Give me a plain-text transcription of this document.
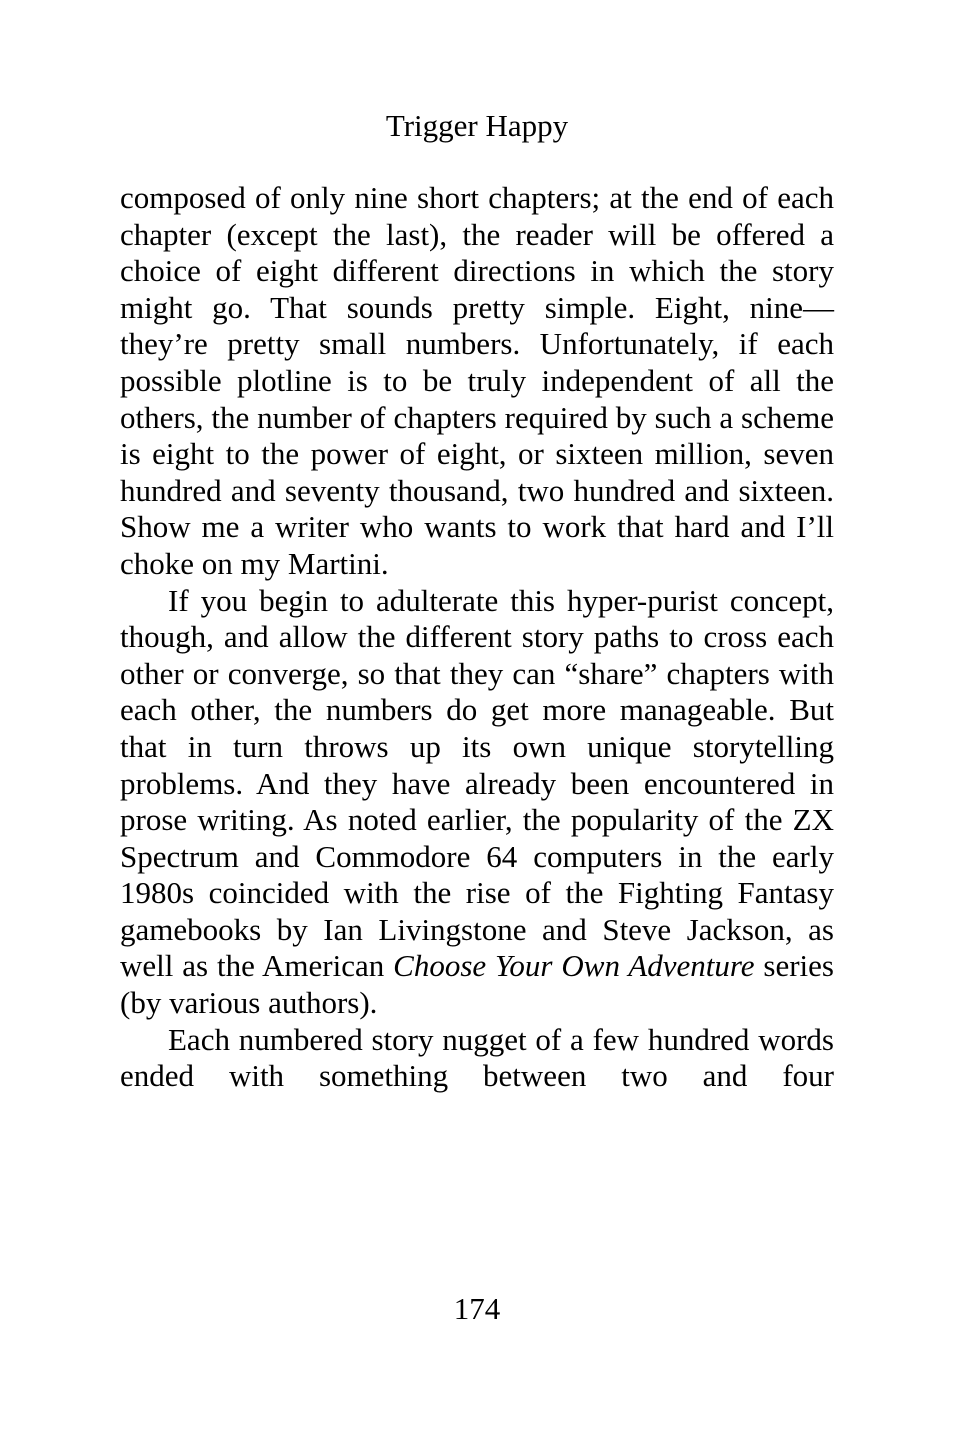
Trigger Happy

composed of only nine short chapters; at the end of each chapter (except the last), the reader will be offered a choice of eight different directions in which the story might go. That sounds pretty simple. Eight, nine—they’re pretty small numbers. Unfortunately, if each possible plotline is to be truly independent of all the others, the number of chapters required by such a scheme is eight to the power of eight, or sixteen million, seven hundred and seventy thousand, two hundred and sixteen. Show me a writer who wants to work that hard and I’ll choke on my Martini.

If you begin to adulterate this hyper-purist concept, though, and allow the different story paths to cross each other or converge, so that they can “share” chapters with each other, the numbers do get more manageable. But that in turn throws up its own unique storytelling problems. And they have already been encountered in prose writing. As noted earlier, the popularity of the ZX Spectrum and Commodore 64 computers in the early 1980s coincided with the rise of the Fighting Fantasy gamebooks by Ian Livingstone and Steve Jackson, as well as the American Choose Your Own Adventure series (by various authors).

Each numbered story nugget of a few hundred words ended with something between two and four

174
